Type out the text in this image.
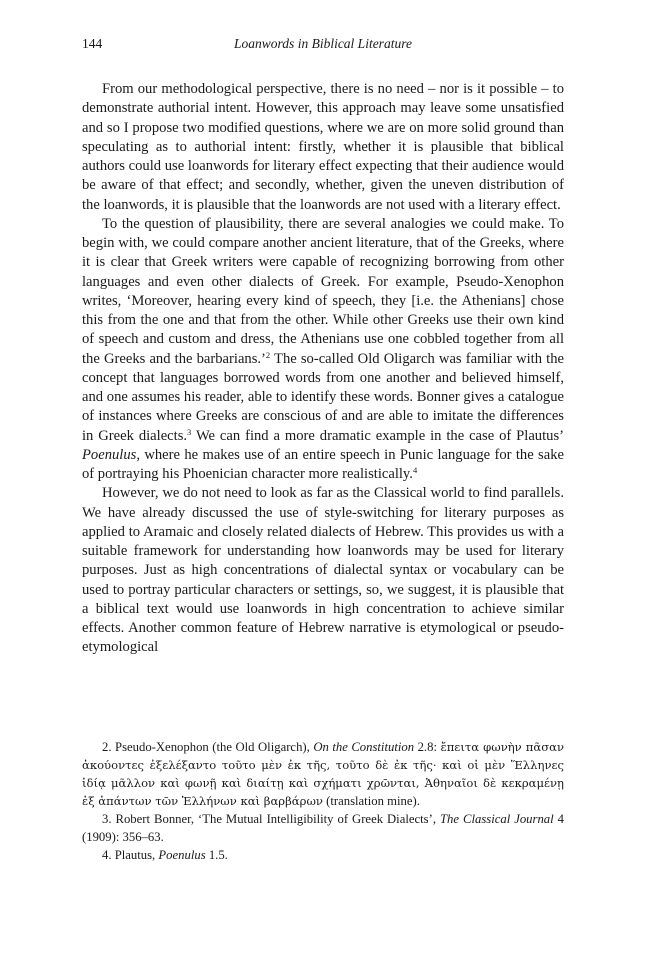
144	Loanwords in Biblical Literature

From our methodological perspective, there is no need – nor is it possible – to demonstrate authorial intent. However, this approach may leave some unsatisfied and so I propose two modified questions, where we are on more solid ground than speculating as to authorial intent: firstly, whether it is plausible that biblical authors could use loanwords for literary effect expecting that their audience would be aware of that effect; and secondly, whether, given the uneven distribution of the loanwords, it is plausible that the loanwords are not used with a literary effect.

To the question of plausibility, there are several analogies we could make. To begin with, we could compare another ancient literature, that of the Greeks, where it is clear that Greek writers were capable of recognizing borrowing from other languages and even other dialects of Greek. For example, Pseudo-Xenophon writes, ‘Moreover, hearing every kind of speech, they [i.e. the Athenians] chose this from the one and that from the other. While other Greeks use their own kind of speech and custom and dress, the Athenians use one cobbled together from all the Greeks and the barbarians.’$^2$ The so-called Old Oligarch was familiar with the concept that languages borrowed words from one another and believed himself, and one assumes his reader, able to identify these words. Bonner gives a catalogue of instances where Greeks are conscious of and are able to imitate the differences in Greek dialects.$^3$ We can find a more dramatic example in the case of Plautus’ Poenulus, where he makes use of an entire speech in Punic language for the sake of portraying his Phoenician character more realistically.$^4$

However, we do not need to look as far as the Classical world to find parallels. We have already discussed the use of style-switching for literary purposes as applied to Aramaic and closely related dialects of Hebrew. This provides us with a suitable framework for understanding how loanwords may be used for literary purposes. Just as high concentrations of dialectal syntax or vocabulary can be used to portray particular characters or settings, so, we suggest, it is plausible that a biblical text would use loanwords in high concentration to achieve similar effects. Another common feature of Hebrew narrative is etymological or pseudo-etymological

2. Pseudo-Xenophon (the Old Oligarch), On the Constitution 2.8: ἔπειτα φωνὴν πᾶσαν ἀκούοντες ἐξελέξαντο τοῦτο μὲν ἐκ τῆς, τοῦτο δὲ ἐκ τῆς· καὶ οἱ μὲν Ἕλληνες ἰδίᾳ μᾶλλον καὶ φωνῇ καὶ διαίτῃ καὶ σχήματι χρῶνται, Ἀθηναῖοι δὲ κεκραμένῃ ἐξ ἁπάντων τῶν Ἑλλήνων καὶ βαρβάρων (translation mine).

3. Robert Bonner, ‘The Mutual Intelligibility of Greek Dialects’, The Classical Journal 4 (1909): 356–63.

4. Plautus, Poenulus 1.5.
